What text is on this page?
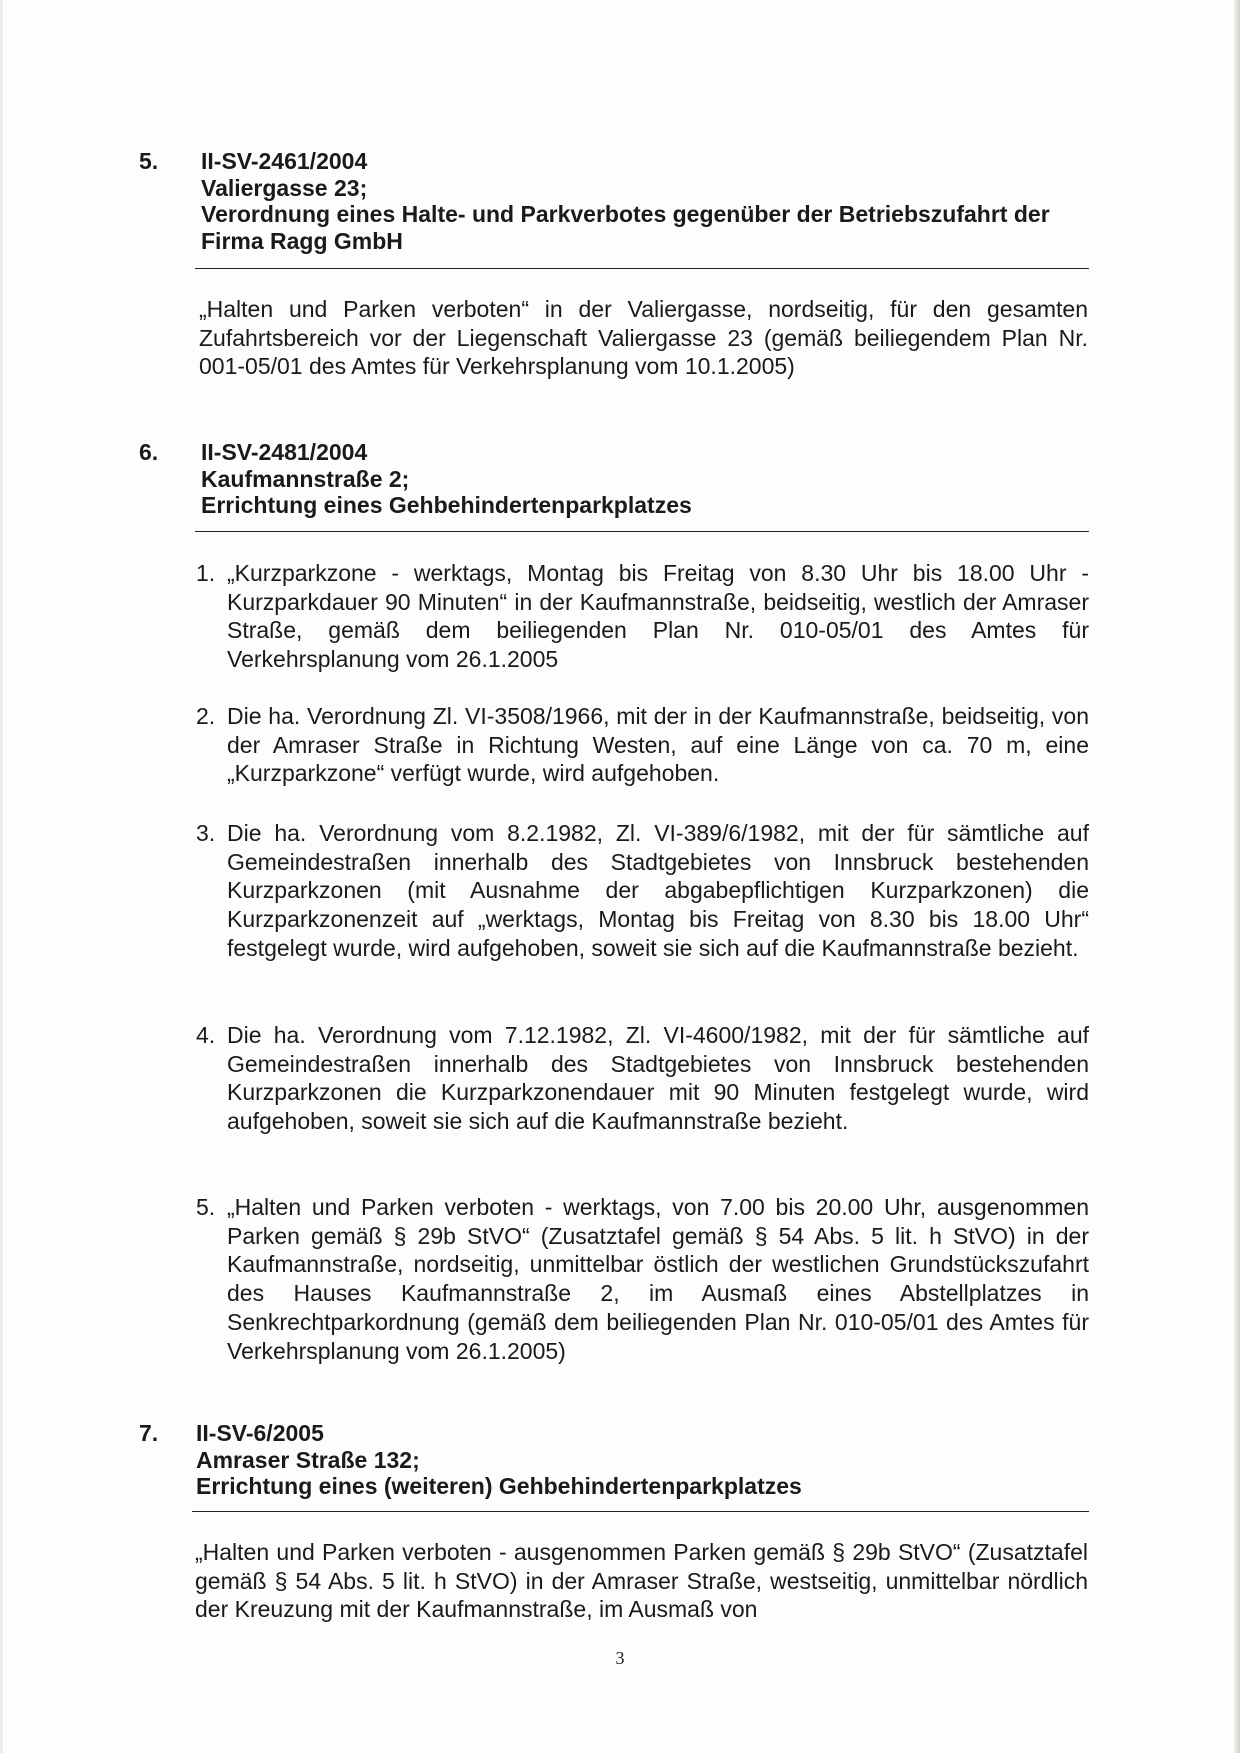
5. II-SV-2461/2004
Valiergasse 23;
Verordnung eines Halte- und Parkverbotes gegenüber der Betriebszufahrt der Firma Ragg GmbH

„Halten und Parken verboten“ in der Valiergasse, nordseitig, für den gesamten Zufahrtsbereich vor der Liegenschaft Valiergasse 23 (gemäß beiliegendem Plan Nr. 001-05/01 des Amtes für Verkehrsplanung vom 10.1.2005)

6. II-SV-2481/2004
Kaufmannstraße 2;
Errichtung eines Gehbehindertenparkplatzes
1. „Kurzparkzone - werktags, Montag bis Freitag von 8.30 Uhr bis 18.00 Uhr - Kurzparkdauer 90 Minuten“ in der Kaufmannstraße, beidseitig, westlich der Amraser Straße, gemäß dem beiliegenden Plan Nr. 010-05/01 des Amtes für Verkehrsplanung vom 26.1.2005
2. Die ha. Verordnung Zl. VI-3508/1966, mit der in der Kaufmannstraße, beidseitig, von der Amraser Straße in Richtung Westen, auf eine Länge von ca. 70 m, eine „Kurzparkzone“ verfügt wurde, wird aufgehoben.
3. Die ha. Verordnung vom 8.2.1982, Zl. VI-389/6/1982, mit der für sämtliche auf Gemeindestraßen innerhalb des Stadtgebietes von Innsbruck bestehenden Kurzparkzonen (mit Ausnahme der abgabepflichtigen Kurzparkzonen) die Kurzparkzonenzeit auf „werktags, Montag bis Freitag von 8.30 bis 18.00 Uhr“ festgelegt wurde, wird aufgehoben, soweit sie sich auf die Kaufmannstraße bezieht.
4. Die ha. Verordnung vom 7.12.1982, Zl. VI-4600/1982, mit der für sämtliche auf Gemeindestraßen innerhalb des Stadtgebietes von Innsbruck bestehenden Kurzparkzonen die Kurzparkzonendauer mit 90 Minuten festgelegt wurde, wird aufgehoben, soweit sie sich auf die Kaufmannstraße bezieht.
5. „Halten und Parken verboten - werktags, von 7.00 bis 20.00 Uhr, ausgenommen Parken gemäß § 29b StVO“ (Zusatztafel gemäß § 54 Abs. 5 lit. h StVO) in der Kaufmannstraße, nordseitig, unmittelbar östlich der westlichen Grundstückszufahrt des Hauses Kaufmannstraße 2, im Ausmaß eines Abstellplatzes in Senkrechtparkordnung (gemäß dem beiliegenden Plan Nr. 010-05/01 des Amtes für Verkehrsplanung vom 26.1.2005)
7. II-SV-6/2005
Amraser Straße 132;
Errichtung eines (weiteren) Gehbehindertenparkplatzes

„Halten und Parken verboten - ausgenommen Parken gemäß § 29b StVO“ (Zusatztafel gemäß § 54 Abs. 5 lit. h StVO) in der Amraser Straße, westseitig, unmittelbar nördlich der Kreuzung mit der Kaufmannstraße, im Ausmaß von

3
